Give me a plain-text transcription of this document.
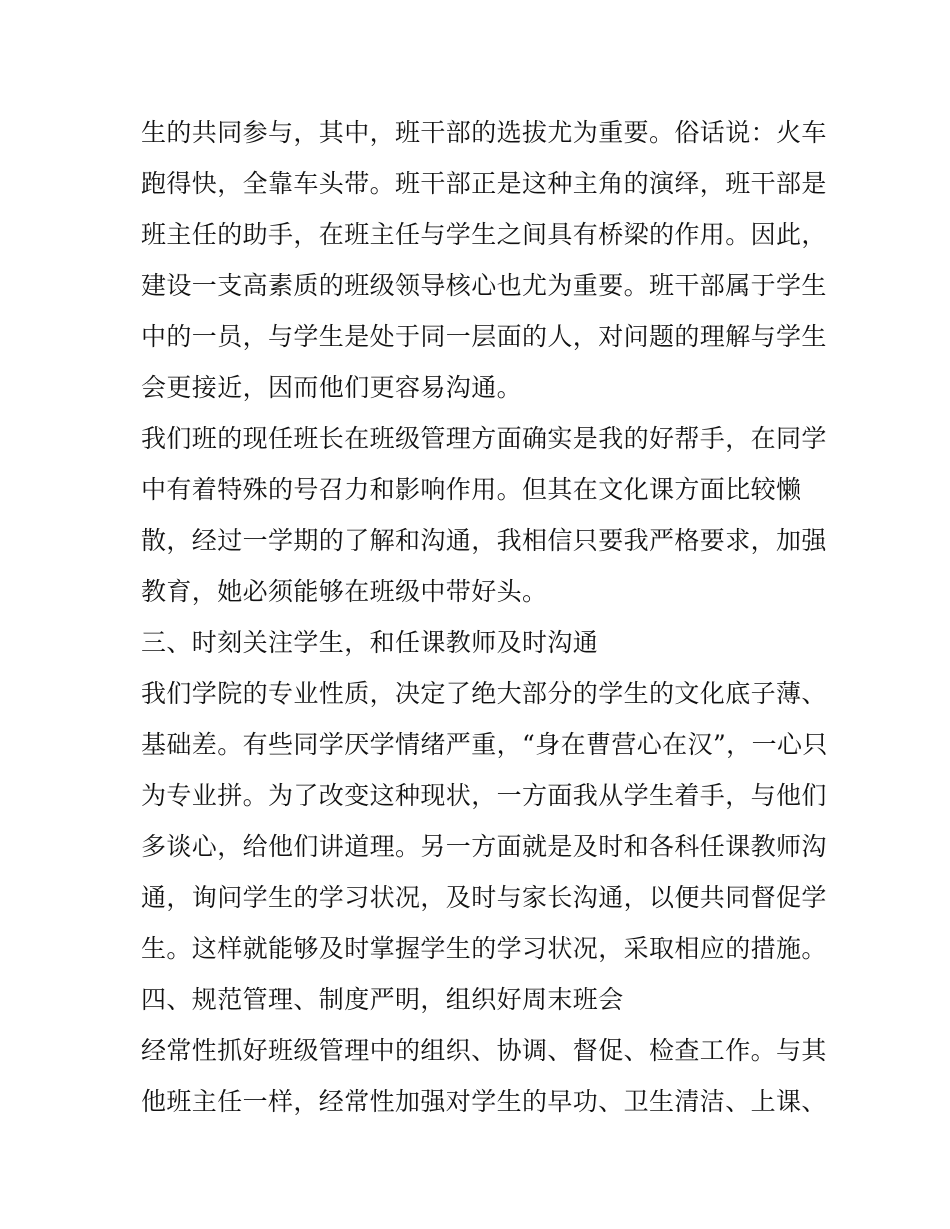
生的共同参与，其中，班干部的选拔尤为重要。俗话说：火车
跑得快，全靠车头带。班干部正是这种主角的演绎，班干部是
班主任的助手，在班主任与学生之间具有桥梁的作用。因此，
建设一支高素质的班级领导核心也尤为重要。班干部属于学生
中的一员，与学生是处于同一层面的人，对问题的理解与学生
会更接近，因而他们更容易沟通。
我们班的现任班长在班级管理方面确实是我的好帮手，在同学
中有着特殊的号召力和影响作用。但其在文化课方面比较懒
散，经过一学期的了解和沟通，我相信只要我严格要求，加强
教育，她必须能够在班级中带好头。
三、时刻关注学生，和任课教师及时沟通
我们学院的专业性质，决定了绝大部分的学生的文化底子薄、
基础差。有些同学厌学情绪严重，“身在曹营心在汉”，一心只
为专业拼。为了改变这种现状，一方面我从学生着手，与他们
多谈心，给他们讲道理。另一方面就是及时和各科任课教师沟
通，询问学生的学习状况，及时与家长沟通，以便共同督促学
生。这样就能够及时掌握学生的学习状况，采取相应的措施。
四、规范管理、制度严明，组织好周末班会
经常性抓好班级管理中的组织、协调、督促、检查工作。与其
他班主任一样，经常性加强对学生的早功、卫生清洁、上课、
